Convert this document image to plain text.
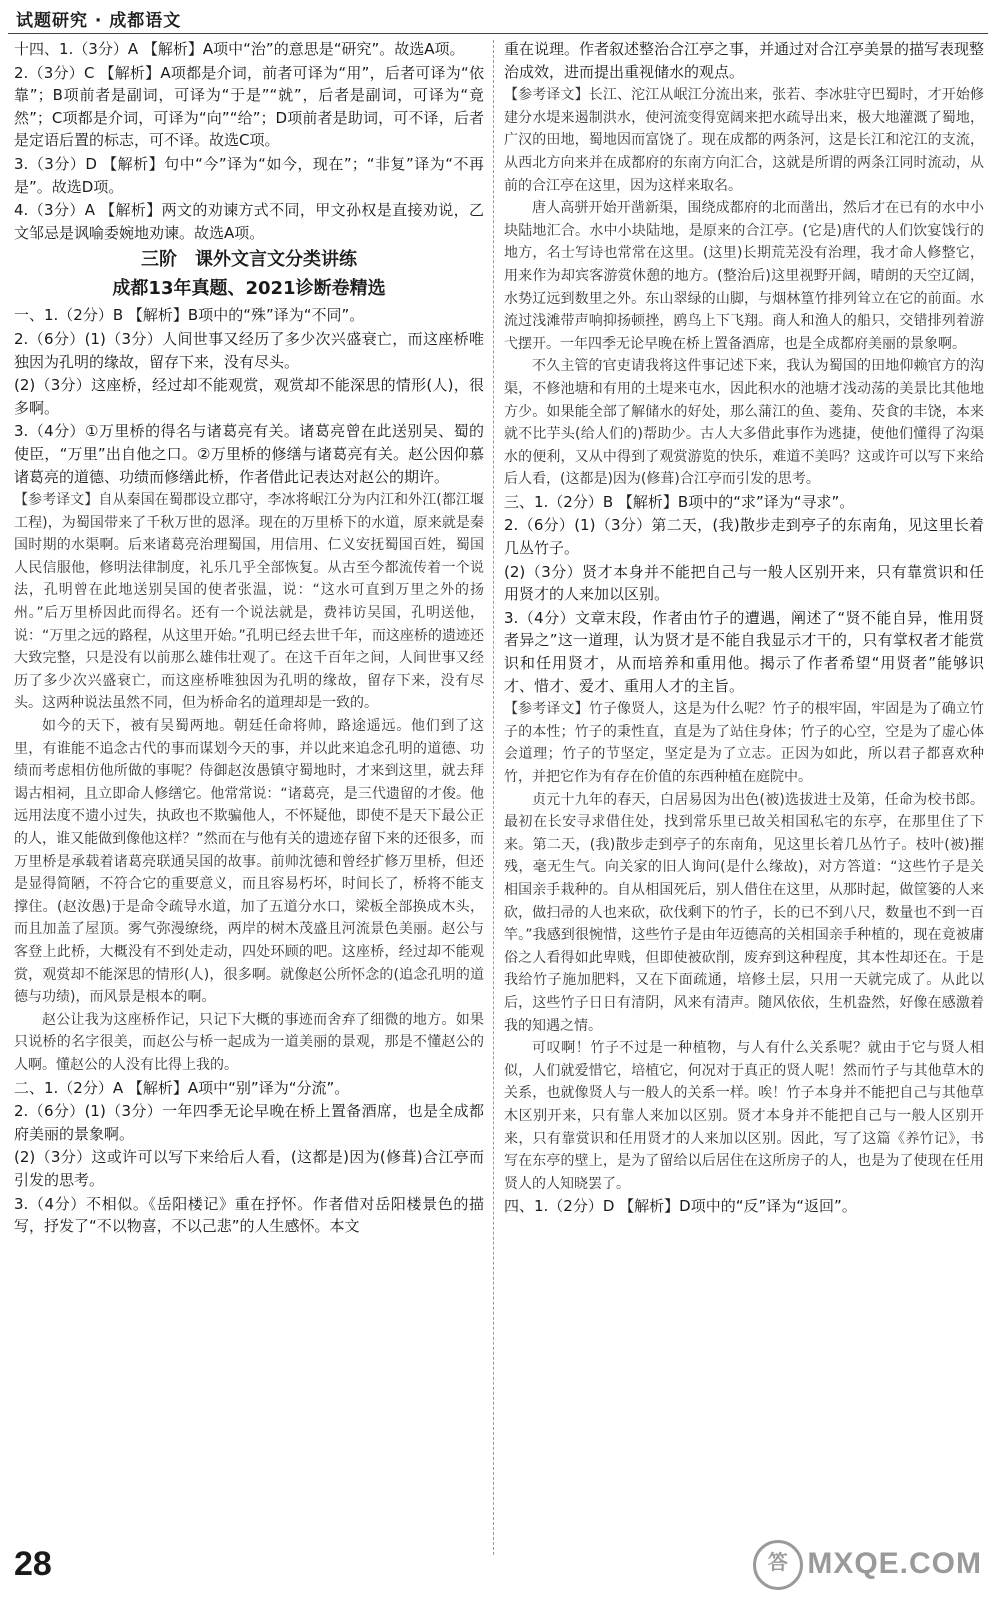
试题研究 · 成都语文

十四、1.（3分）A 【解析】A项中“治”的意思是“研究”。故选A项。

2.（3分）C 【解析】A项都是介词，前者可译为“用”，后者可译为“依靠”；B项前者是副词，可译为“于是”“就”，后者是副词，可译为“竟然”；C项都是介词，可译为“向”“给”；D项前者是助词，可不译，后者是定语后置的标志，可不译。故选C项。

3.（3分）D 【解析】句中“今”译为“如今，现在”；“非复”译为“不再是”。故选D项。

4.（3分）A 【解析】两文的劝谏方式不同，甲文孙权是直接劝说，乙文邹忌是讽喻委婉地劝谏。故选A项。

三阶　课外文言文分类讲练
成都13年真题、2021诊断卷精选

一、1.（2分）B 【解析】B项中的“殊”译为“不同”。

2.（6分）(1)（3分）人间世事又经历了多少次兴盛衰亡，而这座桥唯独因为孔明的缘故，留存下来，没有尽头。

(2)（3分）这座桥，经过却不能观赏，观赏却不能深思的情形(人)，很多啊。

3.（4分）①万里桥的得名与诸葛亮有关。诸葛亮曾在此送别吴、蜀的使臣，“万里”出自他之口。②万里桥的修缮与诸葛亮有关。赵公因仰慕诸葛亮的道德、功绩而修缮此桥，作者借此记表达对赵公的期许。

【参考译文】自从秦国在蜀郡设立郡守，李冰将岷江分为内江和外江(都江堰工程)，为蜀国带来了千秋万世的恩泽。现在的万里桥下的水道，原来就是秦国时期的水渠啊。后来诸葛亮治理蜀国，用信用、仁义安抚蜀国百姓，蜀国人民信服他，修明法律制度，礼乐几乎全部恢复。从古至今都流传着一个说法，孔明曾在此地送别吴国的使者张温，说：“这水可直到万里之外的扬州。”后万里桥因此而得名。还有一个说法就是，费祎访吴国，孔明送他，说：“万里之远的路程，从这里开始。”孔明已经去世千年，而这座桥的遗迹还大致完整，只是没有以前那么雄伟壮观了。在这千百年之间，人间世事又经历了多少次兴盛衰亡，而这座桥唯独因为孔明的缘故，留存下来，没有尽头。这两种说法虽然不同，但为桥命名的道理却是一致的。

如今的天下，被有吴蜀两地。朝廷任命将帅，路途遥远。他们到了这里，有谁能不追念古代的事而谋划今天的事，并以此来追念孔明的道德、功绩而考虑相仿他所做的事呢？侍御赵汝愚镇守蜀地时，才来到这里，就去拜谒古相祠，且立即命人修缮它。他常常说：“诸葛亮，是三代遗留的才俊。他远用法度不遗小过失，执政也不欺骗他人，不怀疑他，即使不是天下最公正的人，谁又能做到像他这样？”然而在与他有关的遗迹存留下来的还很多，而万里桥是承载着诸葛亮联通吴国的故事。前帅沈德和曾经扩修万里桥，但还是显得简陋，不符合它的重要意义，而且容易朽坏，时间长了，桥将不能支撑住。(赵汝愚)于是命令疏导水道，加了五道分水口，梁板全部换成木头，而且加盖了屋顶。雾气弥漫缭绕，两岸的树木茂盛且河流景色美丽。赵公与客登上此桥，大概没有不到处走动，四处环顾的吧。这座桥，经过却不能观赏，观赏却不能深思的情形(人)，很多啊。就像赵公所怀念的(追念孔明的道德与功绩)，而风景是根本的啊。

赵公让我为这座桥作记，只记下大概的事迹而舍弃了细微的地方。如果只说桥的名字很美，而赵公与桥一起成为一道美丽的景观，那是不懂赵公的人啊。懂赵公的人没有比得上我的。

二、1.（2分）A 【解析】A项中“别”译为“分流”。

2.（6分）(1)（3分）一年四季无论早晚在桥上置备酒席，也是全成都府美丽的景象啊。

(2)（3分）这或许可以写下来给后人看，(这都是)因为(修葺)合江亭而引发的思考。

3.（4分）不相似。《岳阳楼记》重在抒怀。作者借对岳阳楼景色的描写，抒发了“不以物喜，不以己悲”的人生感怀。本文

重在说理。作者叙述整治合江亭之事，并通过对合江亭美景的描写表现整治成效，进而提出重视储水的观点。

【参考译文】长江、沱江从岷江分流出来，张若、李冰驻守巴蜀时，才开始修建分水堤来遏制洪水，使河流变得宽阔来把水疏导出来，极大地灌溉了蜀地，广汉的田地，蜀地因而富饶了。现在成都的两条河，这是长江和沱江的支流，从西北方向来并在成都府的东南方向汇合，这就是所谓的两条江同时流动，从前的合江亭在这里，因为这样来取名。

唐人高骈开始开凿新渠，围绕成都府的北而凿出，然后才在已有的水中小块陆地汇合。水中小块陆地，是原来的合江亭。(它是)唐代的人们饮宴饯行的地方，名士写诗也常常在这里。(这里)长期荒芜没有治理，我才命人修整它，用来作为却宾客游赏休憩的地方。(整治后)这里视野开阔，晴朗的天空辽阔，水势辽远到数里之外。东山翠绿的山脚，与烟林篁竹排列耸立在它的前面。水流过浅滩带声响抑扬顿挫，鸥鸟上下飞翔。商人和渔人的船只，交错排列着游弋摆开。一年四季无论早晚在桥上置备酒席，也是全成都府美丽的景象啊。

不久主管的官吏请我将这件事记述下来，我认为蜀国的田地仰赖官方的沟渠，不修池塘和有用的土堤来屯水，因此积水的池塘才浅动荡的美景比其他地方少。如果能全部了解储水的好处，那么蒲江的鱼、菱角、芡食的丰饶，本来就不比芋头(给人们的)帮助少。古人大多借此事作为逃捷，使他们懂得了沟渠水的便利，又从中得到了观赏游览的快乐，难道不美吗？这或许可以写下来给后人看，(这都是)因为(修葺)合江亭而引发的思考。

三、1.（2分）B 【解析】B项中的“求”译为“寻求”。

2.（6分）(1)（3分）第二天，(我)散步走到亭子的东南角，见这里长着几丛竹子。

(2)（3分）贤才本身并不能把自己与一般人区别开来，只有靠赏识和任用贤才的人来加以区别。

3.（4分）文章末段，作者由竹子的遭遇，阐述了“贤不能自异，惟用贤者异之”这一道理，认为贤才是不能自我显示才干的，只有掌权者才能赏识和任用贤才，从而培养和重用他。揭示了作者希望“用贤者”能够识才、惜才、爱才、重用人才的主旨。

【参考译文】竹子像贤人，这是为什么呢？竹子的根牢固，牢固是为了确立竹子的本性；竹子的秉性直，直是为了站住身体；竹子的心空，空是为了虚心体会道理；竹子的节坚定，坚定是为了立志。正因为如此，所以君子都喜欢种竹，并把它作为有存在价值的东西种植在庭院中。

贞元十九年的春天，白居易因为出色(被)选拔进士及第，任命为校书郎。最初在长安寻求借住处，找到常乐里已故关相国私宅的东亭，在那里住了下来。第二天，(我)散步走到亭子的东南角，见这里长着几丛竹子。枝叶(被)摧残，毫无生气。向关家的旧人询问(是什么缘故)，对方答道：“这些竹子是关相国亲手栽种的。自从相国死后，别人借住在这里，从那时起，做筐篓的人来砍，做扫帚的人也来砍，砍伐剩下的竹子，长的已不到八尺，数量也不到一百竿。”我感到很惋惜，这些竹子是由年迈德高的关相国亲手种植的，现在竟被庸俗之人看得如此卑贱，但即使被砍削，废弃到这种程度，其本性却还在。于是我给竹子施加肥料，又在下面疏通，培修土层，只用一天就完成了。从此以后，这些竹子日日有清阴，风来有清声。随风依依，生机盎然，好像在感激着我的知遇之情。

可叹啊！竹子不过是一种植物，与人有什么关系呢？就由于它与贤人相似，人们就爱惜它，培植它，何况对于真正的贤人呢！然而竹子与其他草木的关系，也就像贤人与一般人的关系一样。唉！竹子本身并不能把自己与其他草木区别开来，只有靠人来加以区别。贤才本身并不能把自己与一般人区别开来，只有靠赏识和任用贤才的人来加以区别。因此，写了这篇《养竹记》，书写在东亭的壁上，是为了留给以后居住在这所房子的人，也是为了使现在任用贤人的人知晓罢了。

四、1.（2分）D 【解析】D项中的“反”译为“返回”。

28	答 MXQE.COM
